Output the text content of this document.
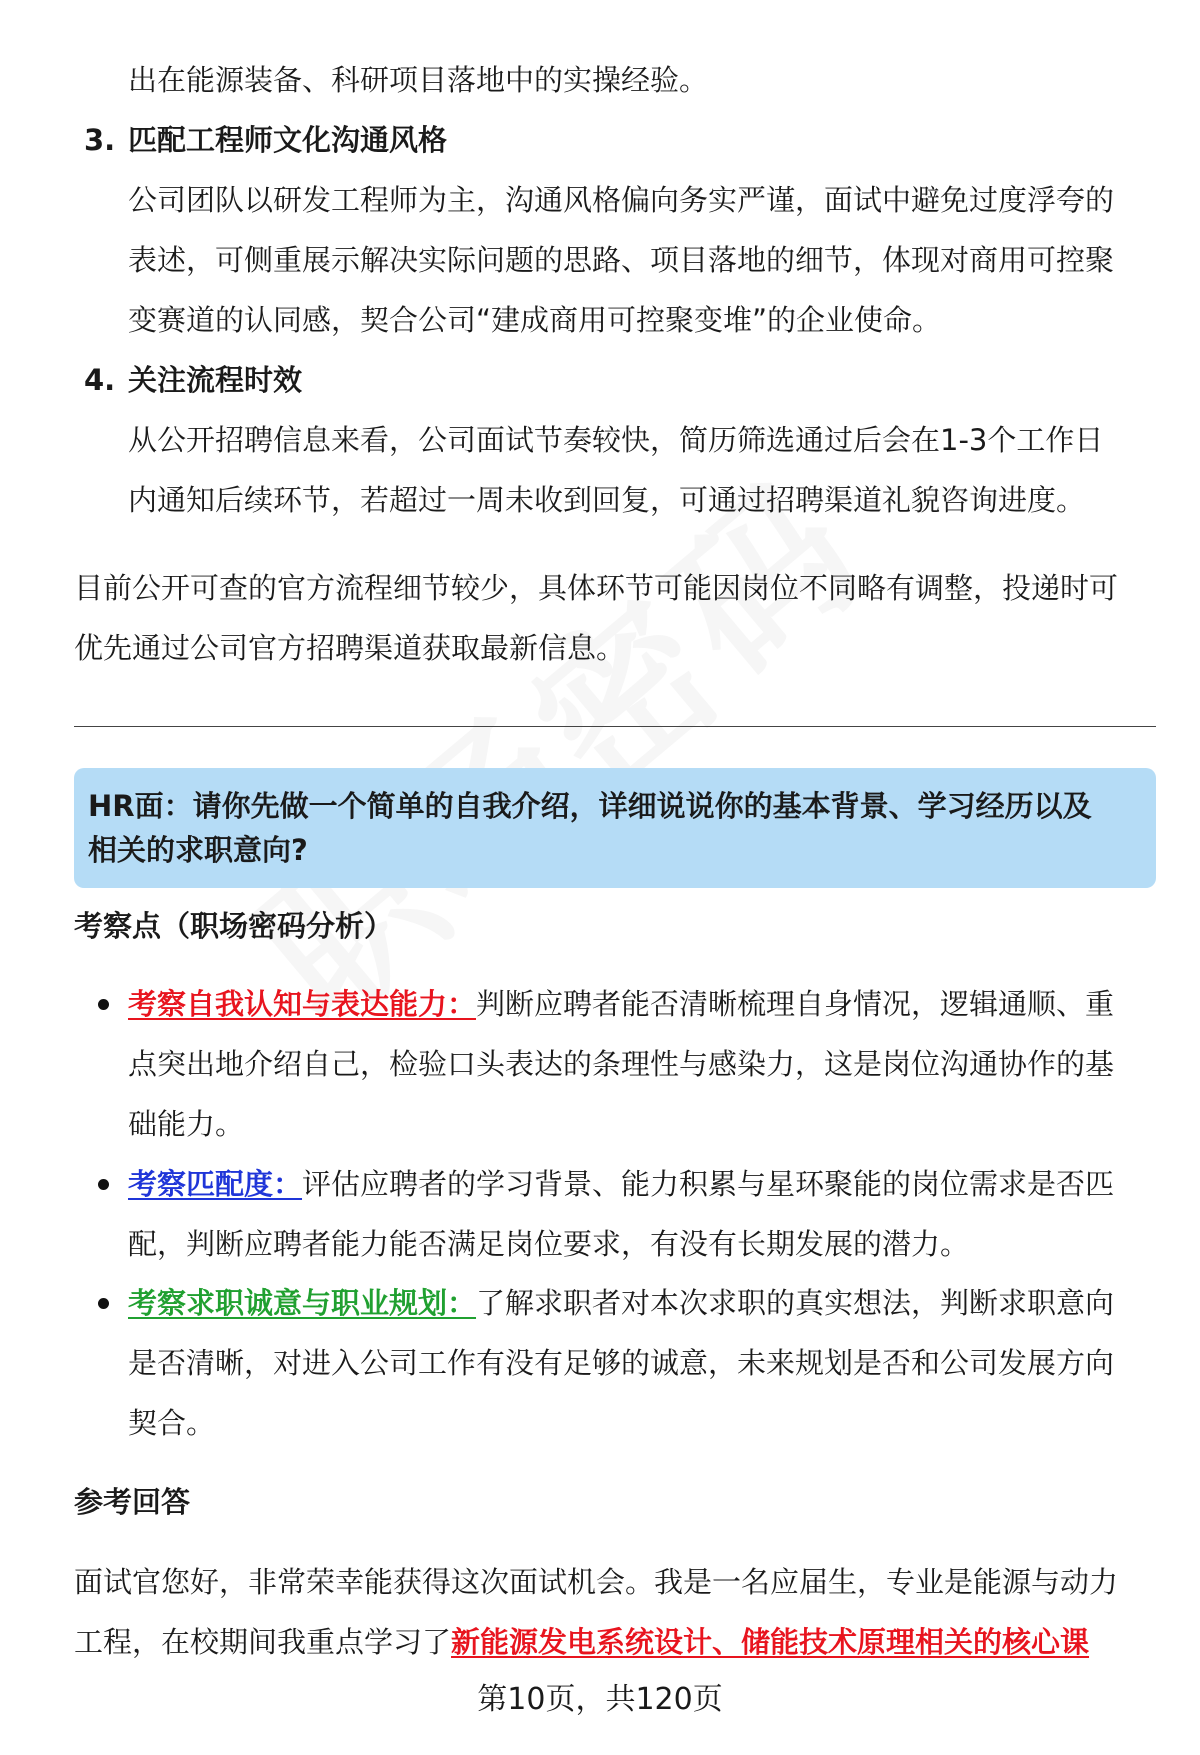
出在能源装备、科研项目落地中的实操经验。
3. 匹配工程师文化沟通风格
公司团队以研发工程师为主，沟通风格偏向务实严谨，面试中避免过度浮夸的
表述，可侧重展示解决实际问题的思路、项目落地的细节，体现对商用可控聚
变赛道的认同感，契合公司“建成商用可控聚变堆”的企业使命。
4. 关注流程时效
从公开招聘信息来看，公司面试节奏较快，简历筛选通过后会在1-3个工作日
内通知后续环节，若超过一周未收到回复，可通过招聘渠道礼貌咨询进度。
目前公开可查的官方流程细节较少，具体环节可能因岗位不同略有调整，投递时可
优先通过公司官方招聘渠道获取最新信息。
HR面：请你先做一个简单的自我介绍，详细说说你的基本背景、学习经历以及
相关的求职意向?
考察点（职场密码分析）
考察自我认知与表达能力：判断应聘者能否清晰梳理自身情况，逻辑通顺、重
点突出地介绍自己，检验口头表达的条理性与感染力，这是岗位沟通协作的基
础能力。
考察匹配度：评估应聘者的学习背景、能力积累与星环聚能的岗位需求是否匹
配，判断应聘者能力能否满足岗位要求，有没有长期发展的潜力。
考察求职诚意与职业规划：了解求职者对本次求职的真实想法，判断求职意向
是否清晰，对进入公司工作有没有足够的诚意，未来规划是否和公司发展方向
契合。
参考回答
面试官您好，非常荣幸能获得这次面试机会。我是一名应届生，专业是能源与动力
工程，在校期间我重点学习了新能源发电系统设计、储能技术原理相关的核心课
第10页，共120页
